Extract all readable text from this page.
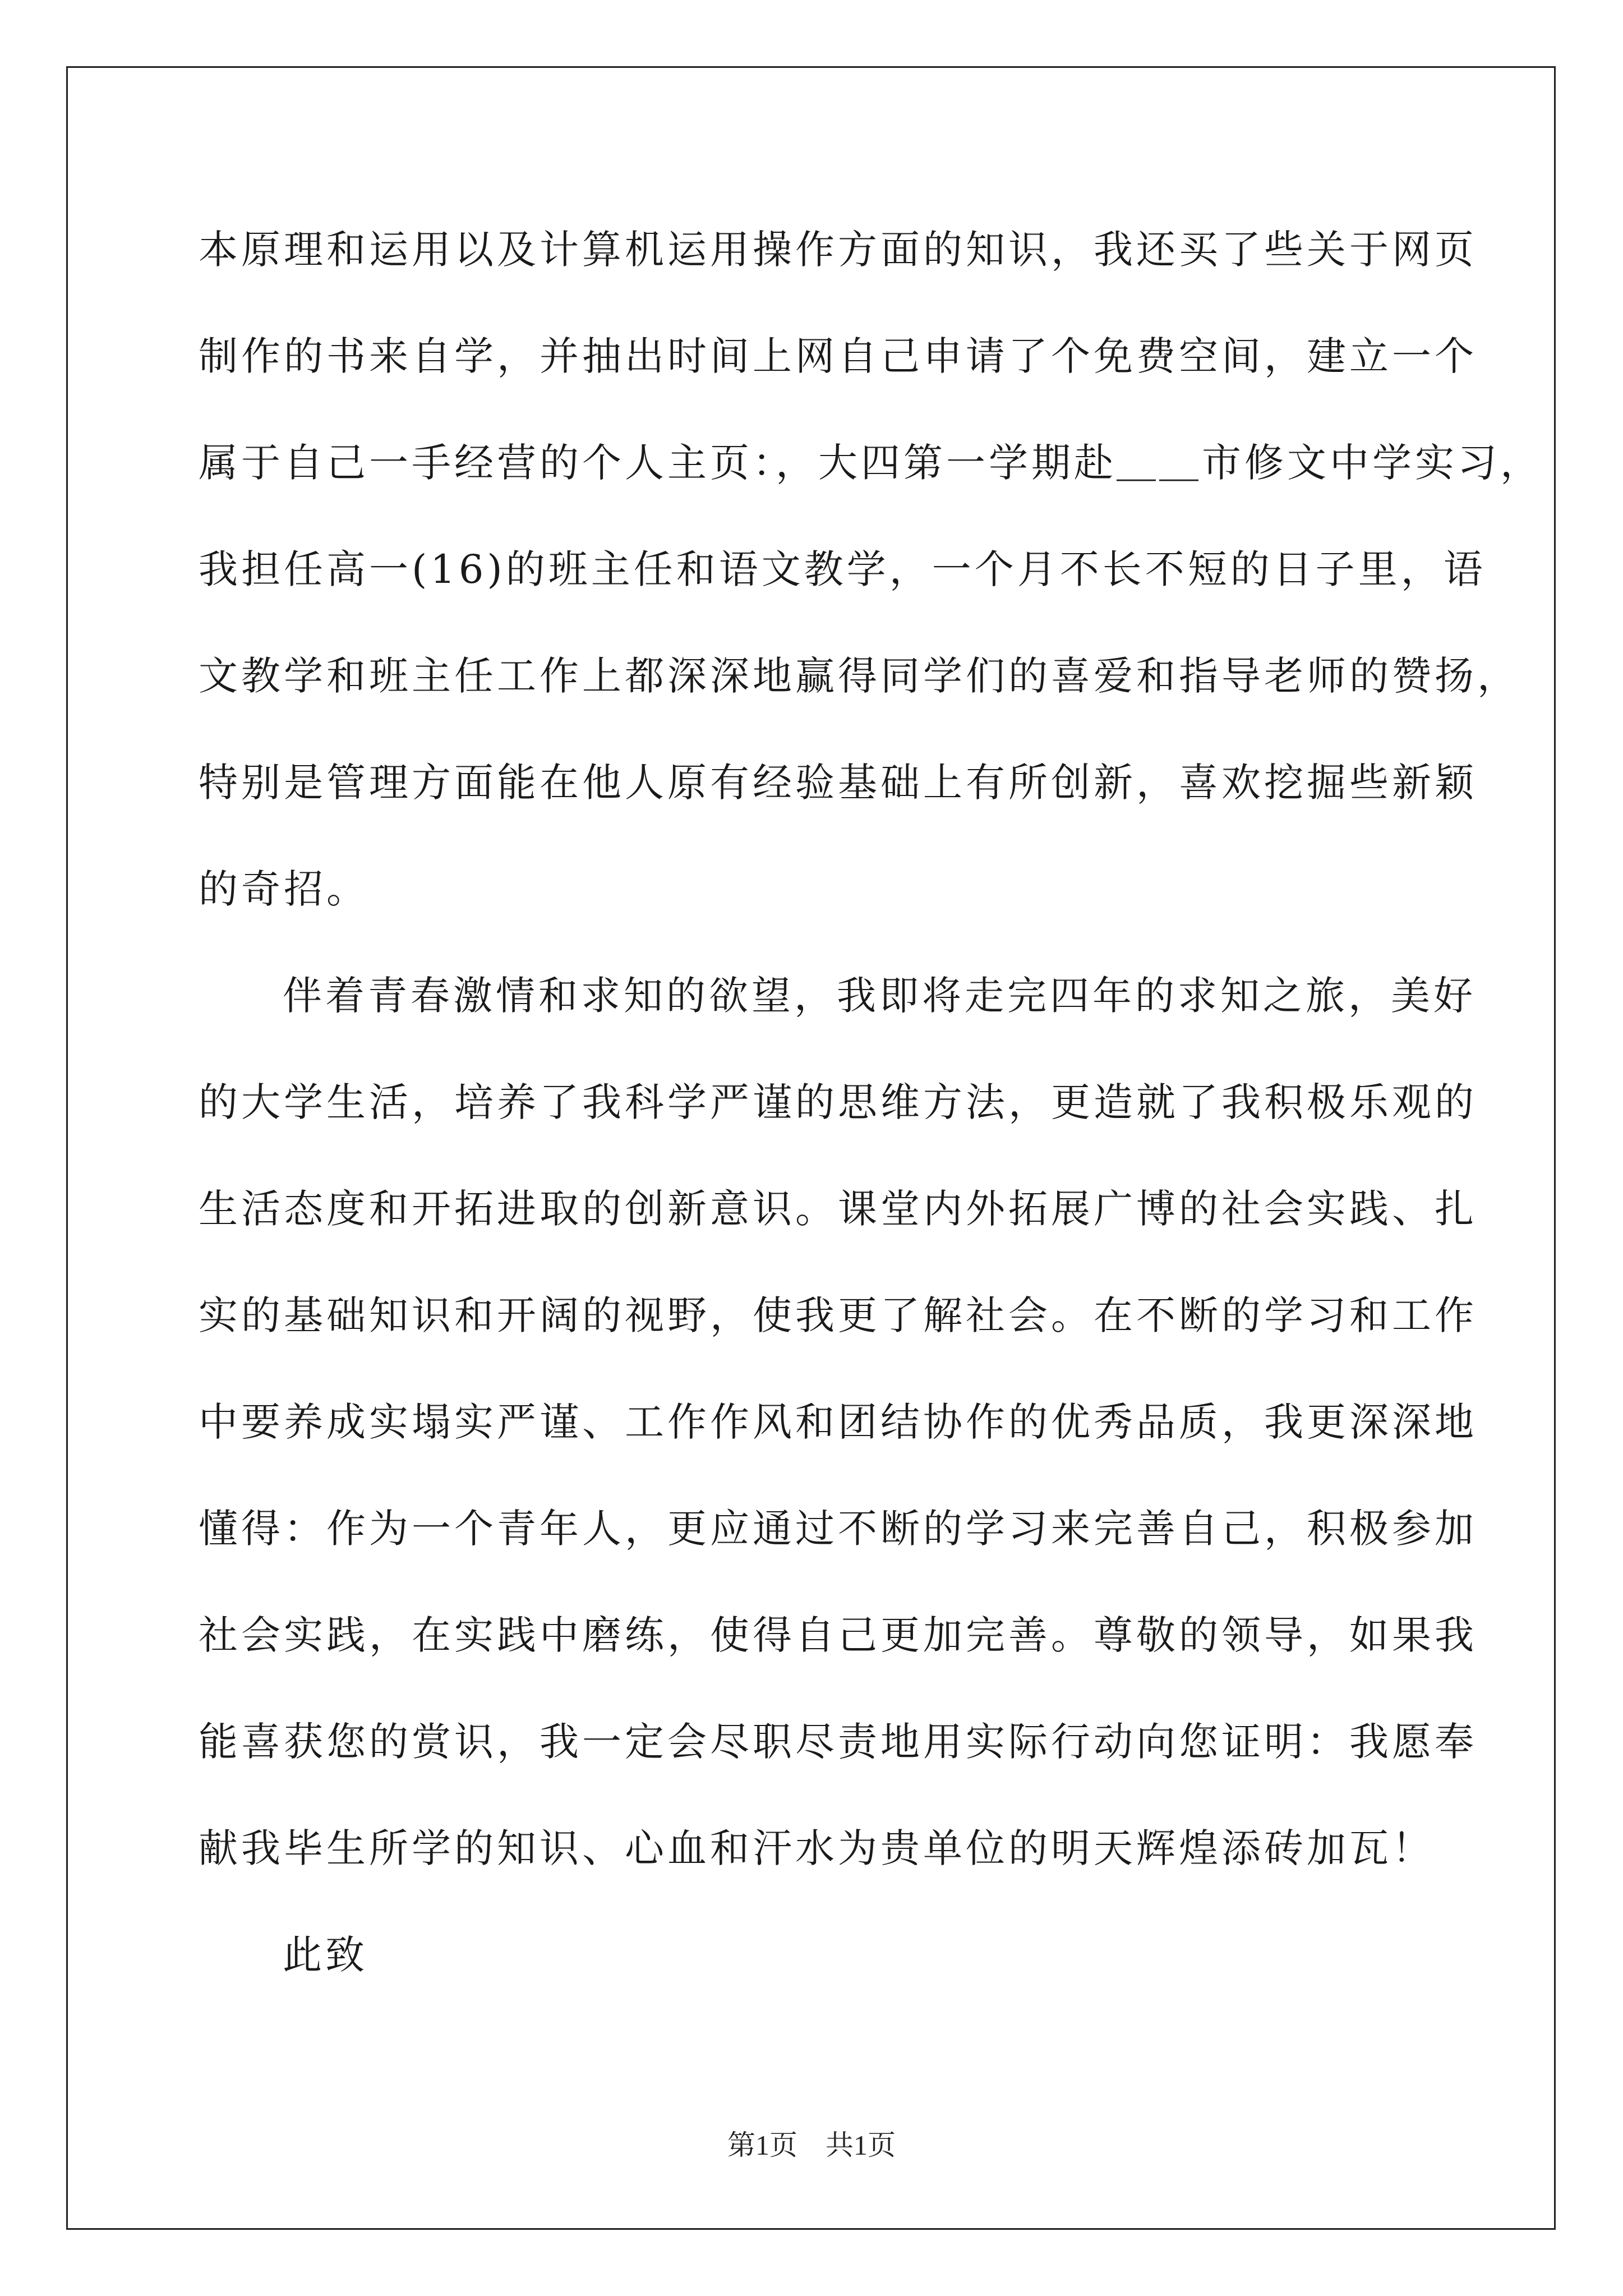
本原理和运用以及计算机运用操作方面的知识，我还买了些关于网页
制作的书来自学，并抽出时间上网自己申请了个免费空间，建立一个
属于自己一手经营的个人主页：，大四第一学期赴＿＿市修文中学实习，
我担任高一(16)的班主任和语文教学，一个月不长不短的日子里，语
文教学和班主任工作上都深深地赢得同学们的喜爱和指导老师的赞扬，
特别是管理方面能在他人原有经验基础上有所创新，喜欢挖掘些新颖
的奇招。
伴着青春激情和求知的欲望，我即将走完四年的求知之旅，美好
的大学生活，培养了我科学严谨的思维方法，更造就了我积极乐观的
生活态度和开拓进取的创新意识。课堂内外拓展广博的社会实践、扎
实的基础知识和开阔的视野，使我更了解社会。在不断的学习和工作
中要养成实塌实严谨、工作作风和团结协作的优秀品质，我更深深地
懂得：作为一个青年人，更应通过不断的学习来完善自己，积极参加
社会实践，在实践中磨练，使得自己更加完善。尊敬的领导，如果我
能喜获您的赏识，我一定会尽职尽责地用实际行动向您证明：我愿奉
献我毕生所学的知识、心血和汗水为贵单位的明天辉煌添砖加瓦！
此致
第1页　共1页
